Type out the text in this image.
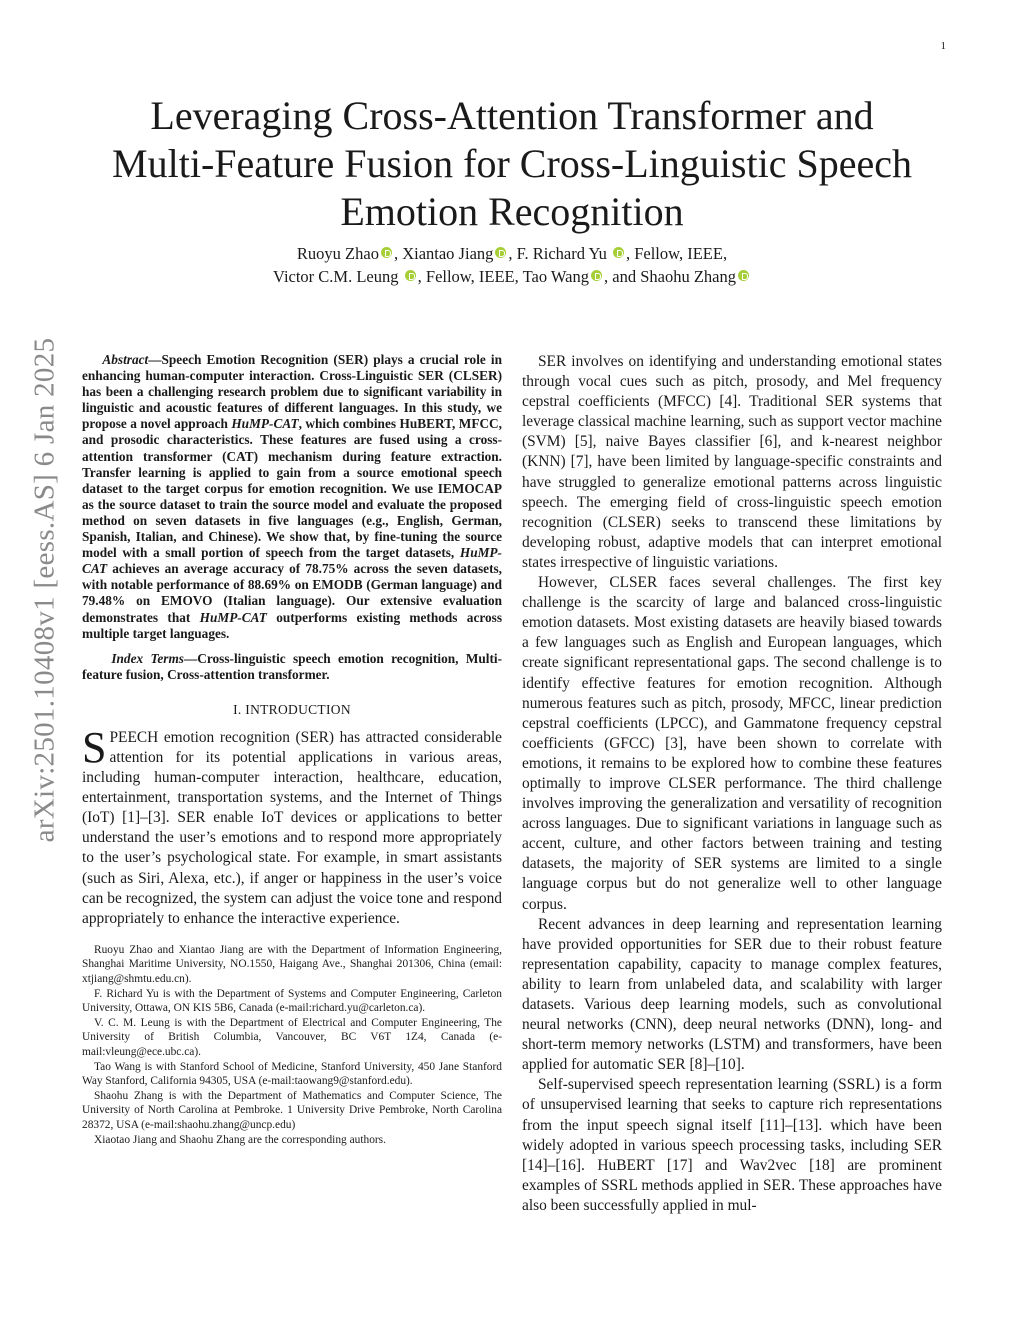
1
arXiv:2501.10408v1 [eess.AS] 6 Jan 2025
Leveraging Cross-Attention Transformer and
Multi-Feature Fusion for Cross-Linguistic Speech
Emotion Recognition
Ruoyu Zhao , Xiantao Jiang , F. Richard Yu , Fellow, IEEE,
Victor C.M. Leung , Fellow, IEEE, Tao Wang , and Shaohu Zhang

Abstract—Speech Emotion Recognition (SER) plays a crucial role in enhancing human-computer interaction. Cross-Linguistic SER (CLSER) has been a challenging research problem due to significant variability in linguistic and acoustic features of different languages. In this study, we propose a novel approach HuMP-CAT, which combines HuBERT, MFCC, and prosodic characteristics. These features are fused using a cross-attention transformer (CAT) mechanism during feature extraction. Transfer learning is applied to gain from a source emotional speech dataset to the target corpus for emotion recognition. We use IEMOCAP as the source dataset to train the source model and evaluate the proposed method on seven datasets in five languages (e.g., English, German, Spanish, Italian, and Chinese). We show that, by fine-tuning the source model with a small portion of speech from the target datasets, HuMP-CAT achieves an average accuracy of 78.75% across the seven datasets, with notable performance of 88.69% on EMODB (German language) and 79.48% on EMOVO (Italian language). Our extensive evaluation demonstrates that HuMP-CAT outperforms existing methods across multiple target languages.

Index Terms—Cross-linguistic speech emotion recognition, Multi-feature fusion, Cross-attention transformer.

I. INTRODUCTION

SPEECH emotion recognition (SER) has attracted considerable attention for its potential applications in various areas, including human-computer interaction, healthcare, education, entertainment, transportation systems, and the Internet of Things (IoT) [1]–[3]. SER enable IoT devices or applications to better understand the user’s emotions and to respond more appropriately to the user’s psychological state. For example, in smart assistants (such as Siri, Alexa, etc.), if anger or happiness in the user’s voice can be recognized, the system can adjust the voice tone and respond appropriately to enhance the interactive experience.

Ruoyu Zhao and Xiantao Jiang are with the Department of Information Engineering, Shanghai Maritime University, NO.1550, Haigang Ave., Shanghai 201306, China (email: xtjiang@shmtu.edu.cn).

F. Richard Yu is with the Department of Systems and Computer Engineering, Carleton University, Ottawa, ON KIS 5B6, Canada (e-mail:richard.yu@carleton.ca).

V. C. M. Leung is with the Department of Electrical and Computer Engineering, The University of British Columbia, Vancouver, BC V6T 1Z4, Canada (e-mail:vleung@ece.ubc.ca).

Tao Wang is with Stanford School of Medicine, Stanford University, 450 Jane Stanford Way Stanford, California 94305, USA (e-mail:taowang9@stanford.edu).

Shaohu Zhang is with the Department of Mathematics and Computer Science, The University of North Carolina at Pembroke. 1 University Drive Pembroke, North Carolina 28372, USA (e-mail:shaohu.zhang@uncp.edu)

Xiaotao Jiang and Shaohu Zhang are the corresponding authors.

SER involves on identifying and understanding emotional states through vocal cues such as pitch, prosody, and Mel frequency cepstral coefficients (MFCC) [4]. Traditional SER systems that leverage classical machine learning, such as support vector machine (SVM) [5], naive Bayes classifier [6], and k-nearest neighbor (KNN) [7], have been limited by language-specific constraints and have struggled to generalize emotional patterns across linguistic speech. The emerging field of cross-linguistic speech emotion recognition (CLSER) seeks to transcend these limitations by developing robust, adaptive models that can interpret emotional states irrespective of linguistic variations.

However, CLSER faces several challenges. The first key challenge is the scarcity of large and balanced cross-linguistic emotion datasets. Most existing datasets are heavily biased towards a few languages such as English and European languages, which create significant representational gaps. The second challenge is to identify effective features for emotion recognition. Although numerous features such as pitch, prosody, MFCC, linear prediction cepstral coefficients (LPCC), and Gammatone frequency cepstral coefficients (GFCC) [3], have been shown to correlate with emotions, it remains to be explored how to combine these features optimally to improve CLSER performance. The third challenge involves improving the generalization and versatility of recognition across languages. Due to significant variations in language such as accent, culture, and other factors between training and testing datasets, the majority of SER systems are limited to a single language corpus but do not generalize well to other language corpus.

Recent advances in deep learning and representation learning have provided opportunities for SER due to their robust feature representation capability, capacity to manage complex features, ability to learn from unlabeled data, and scalability with larger datasets. Various deep learning models, such as convolutional neural networks (CNN), deep neural networks (DNN), long- and short-term memory networks (LSTM) and transformers, have been applied for automatic SER [8]–[10].

Self-supervised speech representation learning (SSRL) is a form of unsupervised learning that seeks to capture rich representations from the input speech signal itself [11]–[13]. which have been widely adopted in various speech processing tasks, including SER [14]–[16]. HuBERT [17] and Wav2vec [18] are prominent examples of SSRL methods applied in SER. These approaches have also been successfully applied in mul-
